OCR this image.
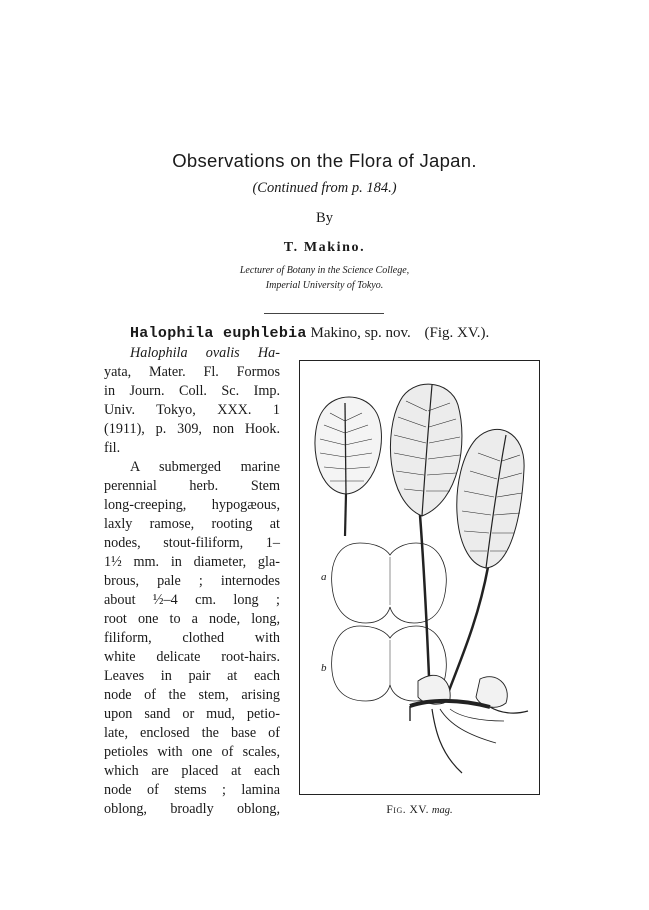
Observations on the Flora of Japan.
(Continued from p. 184.)
By
T. Makino.
Lecturer of Botany in the Science College,
Imperial University of Tokyo.
Halophila euphlebia Makino, sp. nov. (Fig. XV.).
Halophila ovalis Ha-
yata, Mater. Fl. Formos
in Journ. Coll. Sc. Imp.
Univ. Tokyo, XXX. 1
(1911), p. 309, non Hook.
fil.
A submerged marine
perennial herb. Stem
long-creeping, hypogæous,
laxly ramose, rooting at
nodes, stout-filiform, 1–
1½ mm. in diameter, gla-
brous, pale ; internodes
about ½–4 cm. long ;
root one to a node, long,
filiform, clothed with
white delicate root-hairs.
Leaves in pair at each
node of the stem, arising
upon sand or mud, petio-
late, enclosed the base of
petioles with one of scales,
which are placed at each
node of stems ; lamina
oblong, broadly oblong,
a
b
Fig. XV. mag.
